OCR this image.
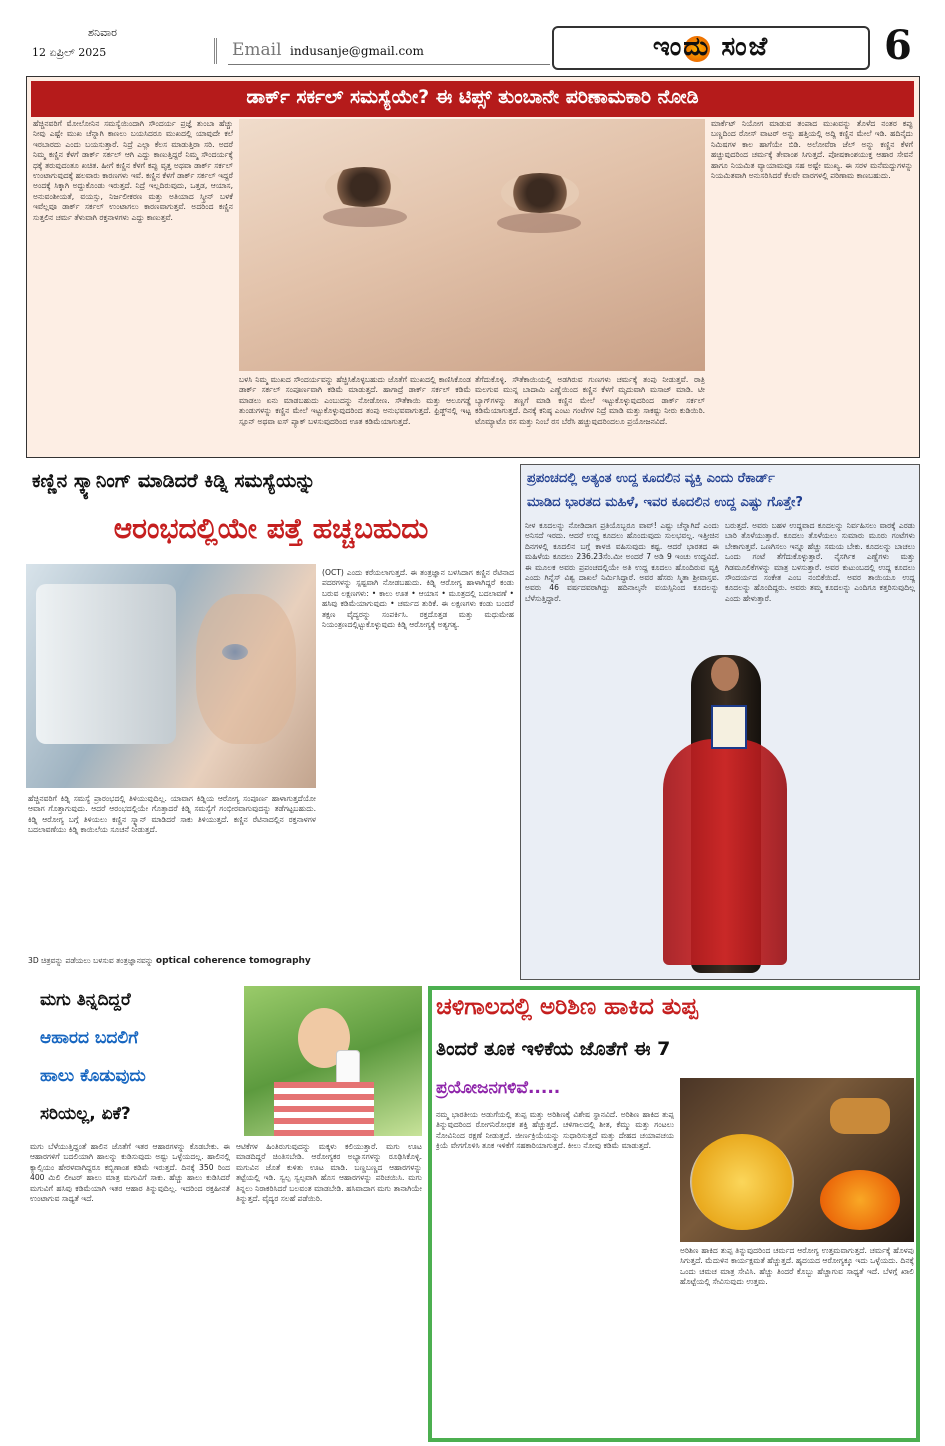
ಶನಿವಾರ
12 ಏಪ್ರಿಲ್ 2025	Email indusanje@gmail.com	ಇಂದು ಸಂಜೆ	6
ಡಾರ್ಕ್ ಸರ್ಕಲ್ ಸಮಸ್ಯೆಯೇ? ಈ ಟಿಪ್ಸ್ ತುಂಬಾನೇ ಪರಿಣಾಮಕಾರಿ ನೋಡಿ
ಹೆಚ್ಚಿನವರಿಗೆ ಮೋಲೋನಿನ ಸಮಸ್ಯೆಯಿಂದಾಗಿ ಸೌಂದರ್ಯ ಪ್ರಜ್ಞೆ ತುಂಬಾ ಹೆಚ್ಚು ನೀವು ಎಷ್ಟೇ ಮುಖ ಚೆನ್ನಾಗಿ ಕಾಣಲು ಬಯಸಿದರೂ ಮುಖದಲ್ಲಿ ಯಾವುದೇ ಕಲೆ ಇರಬಾರದು ಎಂದು ಬಯಸುತ್ತಾರೆ. ನಿದ್ರೆ ಎಲ್ಲಾ ಕೆಲಸ ಮಾಡುತ್ತಿರಾ ಸರಿ. ಅದರೆ ನಿಮ್ಮ ಕಣ್ಣಿನ ಕೆಳಗೆ ಡಾರ್ಕ್ ಸರ್ಕಲ್ ಆಗಿ ಎದ್ದು ಕಾಣುತ್ತಿದ್ದರೆ ನಿಮ್ಮ ಸೌಂದರ್ಯಕ್ಕೆ ಧಕ್ಕೆ ತರುವುದಂತೂ ಖಚಿತ. ಹೀಗೆ ಕಣ್ಣಿನ ಕೆಳಗೆ ಕಪ್ಪು ವೃತ್ತ ಅಥವಾ ಡಾರ್ಕ್ ಸರ್ಕಲ್ ಉಂಟಾಗುವುದಕ್ಕೆ ಹಲವಾರು ಕಾರಣಗಳು ಇವೆ. ಕಣ್ಣಿನ ಕೆಳಗೆ ಡಾರ್ಕ್ ಸರ್ಕಲ್ ಇದ್ದರೆ ಅಂದಕ್ಕೆ ಸಿಕ್ಕಾಗಿ ಅದ್ದುಕೊಂಡು ಇರುತ್ತದೆ. ನಿದ್ರೆ ಇಲ್ಲದಿರುವುದು, ಒತ್ತಡ, ಆಯಾಸ, ಅನುವಂಶೀಯತೆ, ವಯಸ್ಸು, ನಿರ್ಜಲೀಕರಣ ಮತ್ತು ಅತಿಯಾದ ಸ್ಕ್ರೀನ್ ಬಳಕೆ ಇವೆಲ್ಲವೂ ಡಾರ್ಕ್ ಸರ್ಕಲ್ ಉಂಟಾಗಲು ಕಾರಣವಾಗುತ್ತವೆ. ಅದರಿಂದ ಕಣ್ಣಿನ ಸುತ್ತಲಿನ ಚರ್ಮ ತೆಳುವಾಗಿ ರಕ್ತನಾಳಗಳು ಎದ್ದು ಕಾಣುತ್ತವೆ.
ಬಳಸಿ ನಿಮ್ಮ ಮುಖದ ಸೌಂದರ್ಯವನ್ನು ಹೆಚ್ಚಿಸಿಕೊಳ್ಳಬಹುದು ಜೊತೆಗೆ ಮುಖದಲ್ಲಿ ಕಾಣಿಸಿಕೊಂಡ ಡಾರ್ಕ್ ಸರ್ಕಲ್ ಸಂಪೂರ್ಣವಾಗಿ ಕಡಿಮೆ ಮಾಡುತ್ತದೆ. ಹಾಗಾದ್ರೆ ಡಾರ್ಕ್ ಸರ್ಕಲ್ ಕಡಿಮೆ ಮಾಡಲು ಏನು ಮಾಡಬಹುದು ಎಂಬುದನ್ನು ನೋಡೋಣ. ಸೌತೆಕಾಯಿ ಮತ್ತು ಆಲೂಗಡ್ಡೆ ತುಂಡುಗಳನ್ನು ಕಣ್ಣಿನ ಮೇಲೆ ಇಟ್ಟುಕೊಳ್ಳುವುದರಿಂದ ತಂಪು ಅನುಭವವಾಗುತ್ತದೆ. ಫ್ರಿಡ್ಜ್‌ನಲ್ಲಿ ಇಟ್ಟ ಸ್ಪೂನ್ ಅಥವಾ ಐಸ್ ಪ್ಯಾಕ್ ಬಳಸುವುದರಿಂದ ಊತ ಕಡಿಮೆಯಾಗುತ್ತದೆ.
ತೆಗೆದುಕೊಳ್ಳಿ. ಸೌತೆಕಾಯಿಯಲ್ಲಿ ಅಡಗಿರುವ ಗುಣಗಳು ಚರ್ಮಕ್ಕೆ ತಂಪು ನೀಡುತ್ತವೆ. ರಾತ್ರಿ ಮಲಗುವ ಮುನ್ನ ಬಾದಾಮಿ ಎಣ್ಣೆಯಿಂದ ಕಣ್ಣಿನ ಕೆಳಗೆ ಮೃದುವಾಗಿ ಮಸಾಜ್ ಮಾಡಿ. ಟೀ ಬ್ಯಾಗ್‌ಗಳನ್ನು ತಣ್ಣಗೆ ಮಾಡಿ ಕಣ್ಣಿನ ಮೇಲೆ ಇಟ್ಟುಕೊಳ್ಳುವುದರಿಂದ ಡಾರ್ಕ್ ಸರ್ಕಲ್ ಕಡಿಮೆಯಾಗುತ್ತದೆ. ದಿನಕ್ಕೆ ಕನಿಷ್ಠ ಎಂಟು ಗಂಟೆಗಳ ನಿದ್ರೆ ಮಾಡಿ ಮತ್ತು ಸಾಕಷ್ಟು ನೀರು ಕುಡಿಯಿರಿ. ಟೊಮ್ಯಾಟೊ ರಸ ಮತ್ತು ನಿಂಬೆ ರಸ ಬೆರೆಸಿ ಹಚ್ಚುವುದರಿಂದಲೂ ಪ್ರಯೋಜನವಿದೆ.
ಮಾರ್ಕೆಟ್ ನಿಯೋಗ ಮಾಡುವ ತಂಪಾದ ಮುಖವನ್ನು ತೊಳೆದ ನಂತರ ಕಪ್ಪು ಬಣ್ಣದಿಂದ ರೋಸ್ ವಾಟರ್ ಅನ್ನು ಹತ್ತಿಯಲ್ಲಿ ಅದ್ದಿ ಕಣ್ಣಿನ ಮೇಲೆ ಇಡಿ. ಹದಿನೈದು ನಿಮಿಷಗಳ ಕಾಲ ಹಾಗೆಯೇ ಬಿಡಿ. ಅಲೋವೆರಾ ಜೆಲ್ ಅನ್ನು ಕಣ್ಣಿನ ಕೆಳಗೆ ಹಚ್ಚುವುದರಿಂದ ಚರ್ಮಕ್ಕೆ ತೇವಾಂಶ ಸಿಗುತ್ತದೆ. ಪೋಷಕಾಂಶಯುಕ್ತ ಆಹಾರ ಸೇವನೆ ಹಾಗೂ ನಿಯಮಿತ ವ್ಯಾಯಾಮವೂ ಸಹ ಅಷ್ಟೇ ಮುಖ್ಯ. ಈ ಸರಳ ಮನೆಮದ್ದುಗಳನ್ನು ನಿಯಮಿತವಾಗಿ ಅನುಸರಿಸಿದರೆ ಕೆಲವೇ ವಾರಗಳಲ್ಲಿ ಪರಿಣಾಮ ಕಾಣಬಹುದು.
ಕಣ್ಣಿನ ಸ್ಕ್ಯಾನಿಂಗ್ ಮಾಡಿದರೆ ಕಿಡ್ನಿ ಸಮಸ್ಯೆಯನ್ನು
ಆರಂಭದಲ್ಲಿಯೇ ಪತ್ತೆ ಹಚ್ಚಬಹುದು
ಹೆಚ್ಚಿನವರಿಗೆ ಕಿಡ್ನಿ ಸಮಸ್ಯೆ ಪ್ರಾರಂಭದಲ್ಲಿ ತಿಳಿಯುವುದಿಲ್ಲ. ಯಾವಾಗ ಕಿಡ್ನಿಯ ಆರೋಗ್ಯ ಸಂಪೂರ್ಣ ಹಾಳಾಗುತ್ತದೆಯೋ ಆವಾಗ ಗೊತ್ತಾಗುವುದು. ಆದರೆ ಆರಂಭದಲ್ಲಿಯೇ ಗೊತ್ತಾದರೆ ಕಿಡ್ನಿ ಸಮಸ್ಯೆಗೆ ಗಂಭೀರವಾಗುವುದನ್ನು ತಡೆಗಟ್ಟಬಹುದು. ಕಿಡ್ನಿ ಆರೋಗ್ಯ ಬಗ್ಗೆ ತಿಳಿಯಲು ಕಣ್ಣಿನ ಸ್ಕ್ಯಾನ್ ಮಾಡಿದರೆ ಸಾಕು ತಿಳಿಯುತ್ತದೆ. ಕಣ್ಣಿನ ರೆಟಿನಾದಲ್ಲಿನ ರಕ್ತನಾಳಗಳ ಬದಲಾವಣೆಯು ಕಿಡ್ನಿ ಕಾಯಿಲೆಯ ಸೂಚನೆ ನೀಡುತ್ತದೆ.
3D ಚಿತ್ರವನ್ನು ಪಡೆಯಲು ಬಳಸುವ ತಂತ್ರಜ್ಞಾನವನ್ನು optical coherence tomography
(OCT) ಎಂದು ಕರೆಯಲಾಗುತ್ತದೆ. ಈ ತಂತ್ರಜ್ಞಾನ ಬಳಸಿದಾಗ ಕಣ್ಣಿನ ರೆಟಿನಾದ ಪದರಗಳನ್ನು ಸ್ಪಷ್ಟವಾಗಿ ನೋಡಬಹುದು. ಕಿಡ್ನಿ ಆರೋಗ್ಯ ಹಾಳಾಗಿದ್ದರೆ ಕಂಡು ಬರುವ ಲಕ್ಷಣಗಳು: • ಕಾಲು ಊತ • ಆಯಾಸ • ಮೂತ್ರದಲ್ಲಿ ಬದಲಾವಣೆ • ಹಸಿವು ಕಡಿಮೆಯಾಗುವುದು • ಚರ್ಮದ ತುರಿಕೆ. ಈ ಲಕ್ಷಣಗಳು ಕಂಡು ಬಂದರೆ ತಕ್ಷಣ ವೈದ್ಯರನ್ನು ಸಂಪರ್ಕಿಸಿ. ರಕ್ತದೊತ್ತಡ ಮತ್ತು ಮಧುಮೇಹ ನಿಯಂತ್ರಣದಲ್ಲಿಟ್ಟುಕೊಳ್ಳುವುದು ಕಿಡ್ನಿ ಆರೋಗ್ಯಕ್ಕೆ ಅತ್ಯಗತ್ಯ.
ಪ್ರಪಂಚದಲ್ಲಿ ಅತ್ಯಂತ ಉದ್ದ ಕೂದಲಿನ ವ್ಯಕ್ತಿ ಎಂದು ರೆಕಾರ್ಡ್
ಮಾಡಿದ ಭಾರತದ ಮಹಿಳೆ, ಇವರ ಕೂದಲಿನ ಉದ್ದ ಎಷ್ಟು ಗೊತ್ತೇ?
ನೀಳ ಕೂದಲನ್ನು ನೋಡಿದಾಗ ಪ್ರತಿಯೊಬ್ಬರೂ ವಾವ್! ಎಷ್ಟು ಚೆನ್ನಾಗಿದೆ ಎಂದು ಅನಿಸದೆ ಇರದು. ಆದರೆ ಉದ್ದ ಕೂದಲು ಹೊಂದುವುದು ಸುಲಭವಲ್ಲ. ಇತ್ತೀಚಿನ ದಿನಗಳಲ್ಲಿ ಕೂದಲಿನ ಬಗ್ಗೆ ಕಾಳಜಿ ವಹಿಸುವುದು ಕಷ್ಟ. ಆದರೆ ಭಾರತದ ಈ ಮಹಿಳೆಯ ಕೂದಲು 236.23ಸೆಂ.ಮೀ ಅಂದರೆ 7 ಅಡಿ 9 ಇಂಚು ಉದ್ದವಿದೆ. ಈ ಮೂಲಕ ಅವರು ಪ್ರಪಂಚದಲ್ಲಿಯೇ ಅತಿ ಉದ್ದ ಕೂದಲು ಹೊಂದಿರುವ ವ್ಯಕ್ತಿ ಎಂದು ಗಿನ್ನೆಸ್ ವಿಶ್ವ ದಾಖಲೆ ನಿರ್ಮಿಸಿದ್ದಾರೆ. ಅವರ ಹೆಸರು ಸ್ಮಿತಾ ಶ್ರೀವಾಸ್ತವ. ಅವರು 46 ವರ್ಷದವರಾಗಿದ್ದು ಹದಿನಾಲ್ಕನೇ ವಯಸ್ಸಿನಿಂದ ಕೂದಲನ್ನು ಬೆಳೆಸುತ್ತಿದ್ದಾರೆ.
ಬರುತ್ತದೆ. ಅವರು ಬಹಳ ಉದ್ದವಾದ ಕೂದಲನ್ನು ನಿರ್ವಹಿಸಲು ವಾರಕ್ಕೆ ಎರಡು ಬಾರಿ ತೊಳೆಯುತ್ತಾರೆ. ಕೂದಲು ತೊಳೆಯಲು ಸುಮಾರು ಮೂರು ಗಂಟೆಗಳು ಬೇಕಾಗುತ್ತವೆ. ಒಣಗಿಸಲು ಇನ್ನೂ ಹೆಚ್ಚು ಸಮಯ ಬೇಕು. ಕೂದಲನ್ನು ಬಾಚಲು ಒಂದು ಗಂಟೆ ತೆಗೆದುಕೊಳ್ಳುತ್ತಾರೆ. ನೈಸರ್ಗಿಕ ಎಣ್ಣೆಗಳು ಮತ್ತು ಗಿಡಮೂಲಿಕೆಗಳನ್ನು ಮಾತ್ರ ಬಳಸುತ್ತಾರೆ. ಅವರ ಕುಟುಂಬದಲ್ಲಿ ಉದ್ದ ಕೂದಲು ಸೌಂದರ್ಯದ ಸಂಕೇತ ಎಂಬ ನಂಬಿಕೆಯಿದೆ. ಅವರ ತಾಯಿಯೂ ಉದ್ದ ಕೂದಲನ್ನು ಹೊಂದಿದ್ದರು. ಅವರು ತಮ್ಮ ಕೂದಲನ್ನು ಎಂದಿಗೂ ಕತ್ತರಿಸುವುದಿಲ್ಲ ಎಂದು ಹೇಳುತ್ತಾರೆ.
ಮಗು ತಿನ್ನದಿದ್ದರೆ
ಆಹಾರದ ಬದಲಿಗೆ
ಹಾಲು ಕೊಡುವುದು
ಸರಿಯಲ್ಲ, ಏಕೆ?
ಮಗು ಬೆಳೆಯುತ್ತಿದ್ದಂತೆ ಹಾಲಿನ ಜೊತೆಗೆ ಇತರ ಆಹಾರಗಳನ್ನು ಕೊಡಬೇಕು. ಈ ಆಹಾರಗಳಿಗೆ ಬದಲಿಯಾಗಿ ಹಾಲನ್ನು ಕುಡಿಸುವುದು ಅಷ್ಟು ಒಳ್ಳೆಯದಲ್ಲ. ಹಾಲಿನಲ್ಲಿ ಕ್ಯಾಲ್ಸಿಯಂ ಹೇರಳವಾಗಿದ್ದರೂ ಕಬ್ಬಿಣಾಂಶ ಕಡಿಮೆ ಇರುತ್ತದೆ. ದಿನಕ್ಕೆ 350 ರಿಂದ 400 ಮಿಲಿ ಲೀಟರ್ ಹಾಲು ಮಾತ್ರ ಮಗುವಿಗೆ ಸಾಕು. ಹೆಚ್ಚು ಹಾಲು ಕುಡಿಸಿದರೆ ಮಗುವಿಗೆ ಹಸಿವು ಕಡಿಮೆಯಾಗಿ ಇತರ ಆಹಾರ ತಿನ್ನುವುದಿಲ್ಲ. ಇದರಿಂದ ರಕ್ತಹೀನತೆ ಉಂಟಾಗುವ ಸಾಧ್ಯತೆ ಇದೆ.
ಆಟಿಕೆಗಳ ಹಿಂತಿರುಗುವುದನ್ನು ಮಕ್ಕಳು ಕಲಿಯುತ್ತಾರೆ. ಮಗು ಊಟ ಮಾಡದಿದ್ದರೆ ಚಿಂತಿಸಬೇಡಿ. ಆರೋಗ್ಯಕರ ಅಭ್ಯಾಸಗಳನ್ನು ರೂಢಿಸಿಕೊಳ್ಳಿ. ಮಗುವಿನ ಜೊತೆ ಕುಳಿತು ಊಟ ಮಾಡಿ. ಬಣ್ಣಬಣ್ಣದ ಆಹಾರಗಳನ್ನು ತಟ್ಟೆಯಲ್ಲಿ ಇಡಿ. ಸ್ವಲ್ಪ ಸ್ವಲ್ಪವಾಗಿ ಹೊಸ ಆಹಾರಗಳನ್ನು ಪರಿಚಯಿಸಿ. ಮಗು ತಿನ್ನಲು ನಿರಾಕರಿಸಿದರೆ ಬಲವಂತ ಮಾಡಬೇಡಿ. ಹಸಿವಾದಾಗ ಮಗು ತಾನಾಗಿಯೇ ತಿನ್ನುತ್ತದೆ. ವೈದ್ಯರ ಸಲಹೆ ಪಡೆಯಿರಿ.
ಚಳಿಗಾಲದಲ್ಲಿ ಅರಿಶಿಣ ಹಾಕಿದ ತುಪ್ಪ
ತಿಂದರೆ ತೂಕ ಇಳಿಕೆಯ ಜೊತೆಗೆ ಈ 7
ಪ್ರಯೋಜನಗಳಿವೆ.....
ನಮ್ಮ ಭಾರತೀಯ ಅಡುಗೆಯಲ್ಲಿ ತುಪ್ಪ ಮತ್ತು ಅರಿಶಿಣಕ್ಕೆ ವಿಶೇಷ ಸ್ಥಾನವಿದೆ. ಅರಿಶಿಣ ಹಾಕಿದ ತುಪ್ಪ ತಿನ್ನುವುದರಿಂದ ರೋಗನಿರೋಧಕ ಶಕ್ತಿ ಹೆಚ್ಚುತ್ತದೆ. ಚಳಿಗಾಲದಲ್ಲಿ ಶೀತ, ಕೆಮ್ಮು ಮತ್ತು ಗಂಟಲು ನೋವಿನಿಂದ ರಕ್ಷಣೆ ನೀಡುತ್ತದೆ. ಜೀರ್ಣಕ್ರಿಯೆಯನ್ನು ಸುಧಾರಿಸುತ್ತದೆ ಮತ್ತು ದೇಹದ ಚಯಾಪಚಯ ಕ್ರಿಯೆ ವೇಗಗೊಳಿಸಿ ತೂಕ ಇಳಿಕೆಗೆ ಸಹಕಾರಿಯಾಗುತ್ತದೆ. ಕೀಲು ನೋವು ಕಡಿಮೆ ಮಾಡುತ್ತದೆ.
ಅರಿಶಿಣ ಹಾಕಿದ ತುಪ್ಪ ತಿನ್ನುವುದರಿಂದ ಚರ್ಮದ ಆರೋಗ್ಯ ಉತ್ತಮವಾಗುತ್ತದೆ. ಚರ್ಮಕ್ಕೆ ಹೊಳಪು ಸಿಗುತ್ತದೆ. ಮೆದುಳಿನ ಕಾರ್ಯಕ್ಷಮತೆ ಹೆಚ್ಚುತ್ತದೆ. ಹೃದಯದ ಆರೋಗ್ಯಕ್ಕೂ ಇದು ಒಳ್ಳೆಯದು. ದಿನಕ್ಕೆ ಒಂದು ಚಮಚ ಮಾತ್ರ ಸೇವಿಸಿ. ಹೆಚ್ಚು ತಿಂದರೆ ಕೊಬ್ಬು ಹೆಚ್ಚಾಗುವ ಸಾಧ್ಯತೆ ಇದೆ. ಬೆಳಗ್ಗೆ ಖಾಲಿ ಹೊಟ್ಟೆಯಲ್ಲಿ ಸೇವಿಸುವುದು ಉತ್ತಮ.
